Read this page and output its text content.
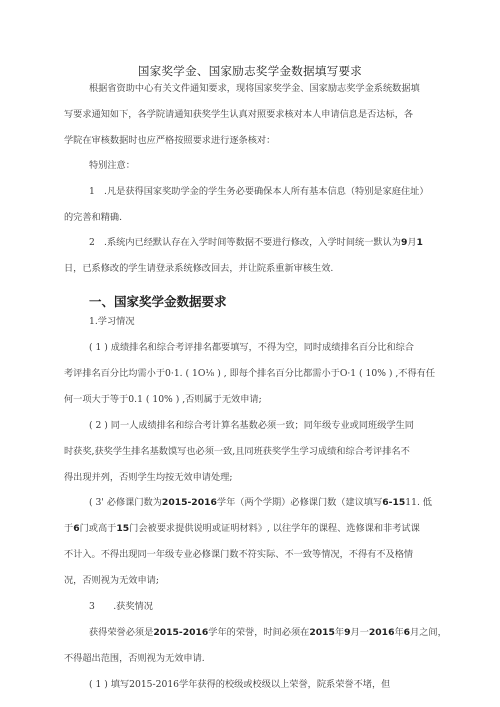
国家奖学金、国家励志奖学金数据填写要求
根据省资助中心有关文件通知要求，现将国家奖学金、国家励志奖学金系统数据填
写要求通知如下，各学院请通知获奖学生认真对照要求核对本人申请信息是否达标，各
学院在审核数据时也应严格按照要求进行逐条核对：
特别注意：
1　.凡是获得国家奖助学金的学生务必要确保本人所有基本信息（特别是家庭住址）
的完善和精确.
2　.系统内已经默认存在入学时间等数据不要进行修改，入学时间统一默认为9月1
日，已系修改的学生请登录系统修改回去，并让院系重新审核生效.
一、国家奖学金数据要求
1.学习情况
( 1 ) 成绩排名和综合考评排名都要填写，不得为空，同时成绩排名百分比和综合
考评排名百分比均需小于0·1. ( 1O⅛ ) , 即每个排名百分比都需小于O·1 ( 10% ) ,不得有任
何一项大于等于0.1 ( 10% ) ,否则属于无效申请;
( 2 ) 同一人成绩排名和综合考计算名基数必须一致；同年级专业或同班级学生同
时获奖,获奖学生排名基数馍写也必须一致,且同班获奖学生学习成绩和综合考评排名不
得出现并列，否则学生均按无效申请处理;
( 3' 必修课门数为2015-2016学年（两个学期）必修课门数（建议填写6-1511. 低
于6门或高于15门会被要求提供说明或证明材料》, 以往学年的课程、选修课和非考试课
不计入。不得出现同一年级专业必修课门数不符实际、不一致等情况，不得有不及格情
况，否则视为无效申请;
3　　.获奖情况
获得荣誉必须是2015-2016学年的荣誉，时间必须在2015年9月一2016年6月之间，
不得超出范围，否则视为无效申请.
( 1 ) 填写2015-2016学年获得的校级或校级以上荣誉，院系荣誉不堵，但
